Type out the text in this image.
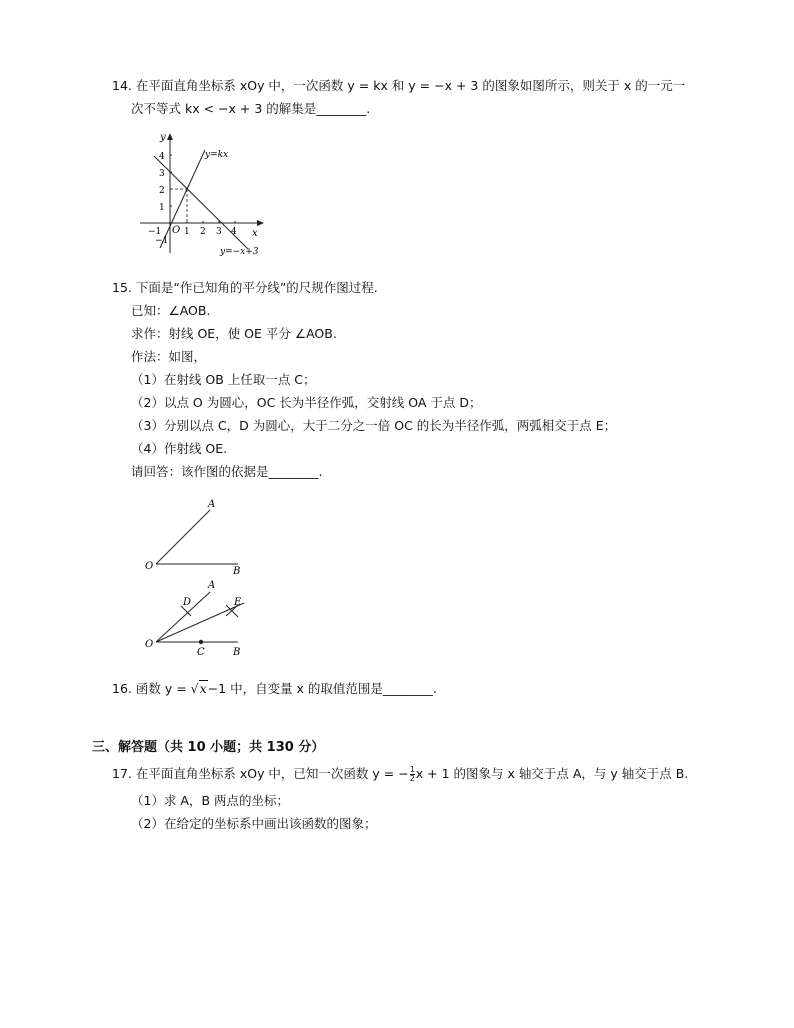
14. 在平面直角坐标系 xOy 中，一次函数 y = kx 和 y = −x + 3 的图象如图所示，则关于 x 的一元一
次不等式 kx < −x + 3 的解集是________.
y
x
O
−1	1 2 3 4
4
3
2
1
−1
y=kx
y=−x+3
15. 下面是“作已知角的平分线”的尺规作图过程.
已知：∠AOB.
求作：射线 OE，使 OE 平分 ∠AOB.
作法：如图，
（1）在射线 OB 上任取一点 C；
（2）以点 O 为圆心，OC 长为半径作弧，交射线 OA 于点 D；
（3）分别以点 C，D 为圆心，大于二分之一倍 OC 的长为半径作弧，两弧相交于点 E；
（4）作射线 OE.
请回答：该作图的依据是________.
A
O	B
A
D	E
O
C	B
16. 函数 y = √x−1 中，自变量 x 的取值范围是________.
三、解答题（共 10 小题；共 130 分）
17. 在平面直角坐标系 xOy 中，已知一次函数 y = − $\frac{1}{2}$ x + 1 的图象与 x 轴交于点 A，与 y 轴交于点 B.
（1）求 A，B 两点的坐标；
（2）在给定的坐标系中画出该函数的图象；
